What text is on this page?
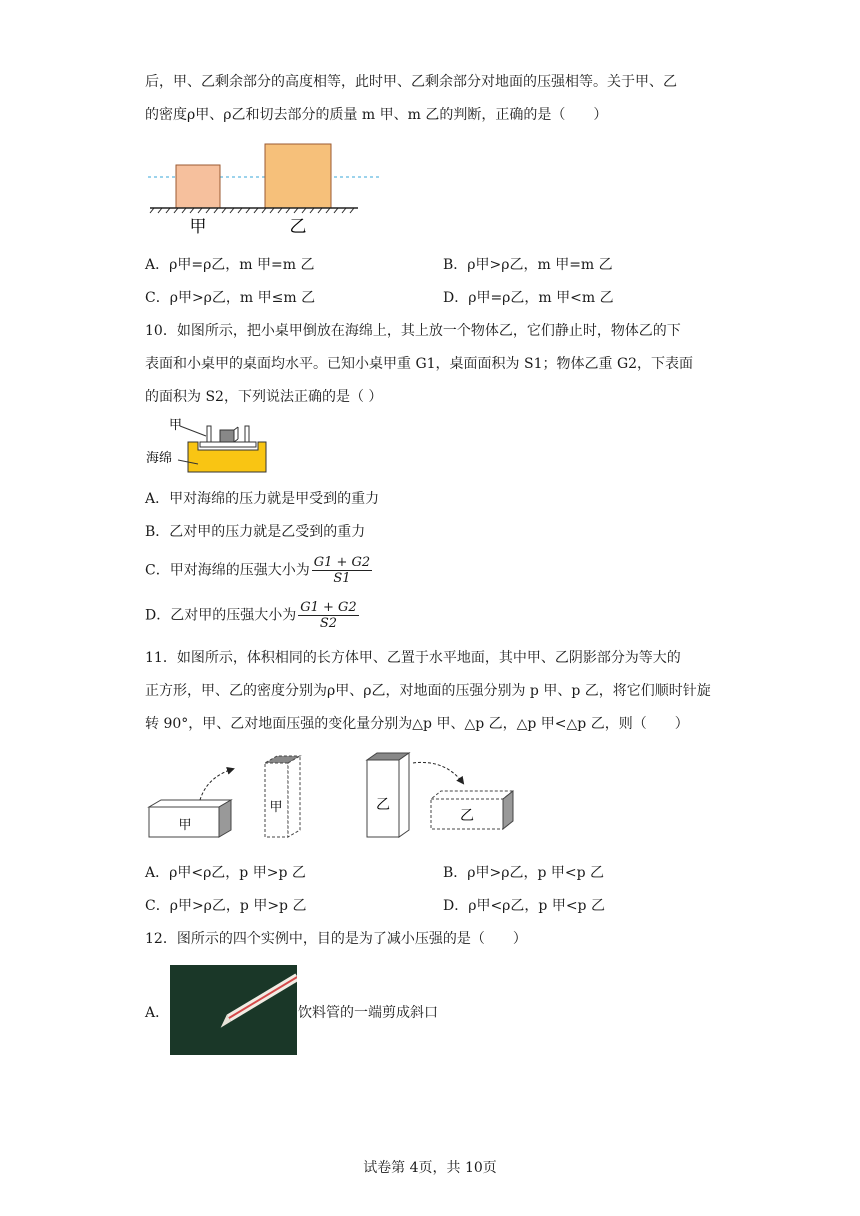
后，甲、乙剩余部分的高度相等，此时甲、乙剩余部分对地面的压强相等。关于甲、乙
的密度ρ甲、ρ乙和切去部分的质量 m 甲、m 乙的判断，正确的是（　　）
甲	乙
A．ρ甲=ρ乙，m 甲=m 乙	B．ρ甲>ρ乙，m 甲=m 乙
C．ρ甲>ρ乙，m 甲≤m 乙	D．ρ甲=ρ乙，m 甲<m 乙
10．如图所示，把小桌甲倒放在海绵上，其上放一个物体乙，它们静止时，物体乙的下
表面和小桌甲的桌面均水平。已知小桌甲重 G1，桌面面积为 S1；物体乙重 G2，下表面
的面积为 S2，下列说法正确的是（ ）
甲
海绵
A．甲对海绵的压力就是甲受到的重力
B．乙对甲的压力就是乙受到的重力
C．甲对海绵的压强大小为 $\frac{G1 + G2}{S1}$
D．乙对甲的压强大小为 $\frac{G1 + G2}{S2}$
11．如图所示，体积相同的长方体甲、乙置于水平地面，其中甲、乙阴影部分为等大的
正方形，甲、乙的密度分别为ρ甲、ρ乙，对地面的压强分别为 p 甲、p 乙，将它们顺时针旋
转 90°，甲、乙对地面压强的变化量分别为△p 甲、△p 乙，△p 甲<△p 乙，则（　　）
甲
甲	乙
乙
A．ρ甲<ρ乙，p 甲>p 乙	B．ρ甲>ρ乙，p 甲<p 乙
C．ρ甲>ρ乙，p 甲>p 乙	D．ρ甲<ρ乙，p 甲<p 乙
12．图所示的四个实例中，目的是为了减小压强的是（　　）
A．	饮料管的一端剪成斜口
试卷第 4页，共 10页
